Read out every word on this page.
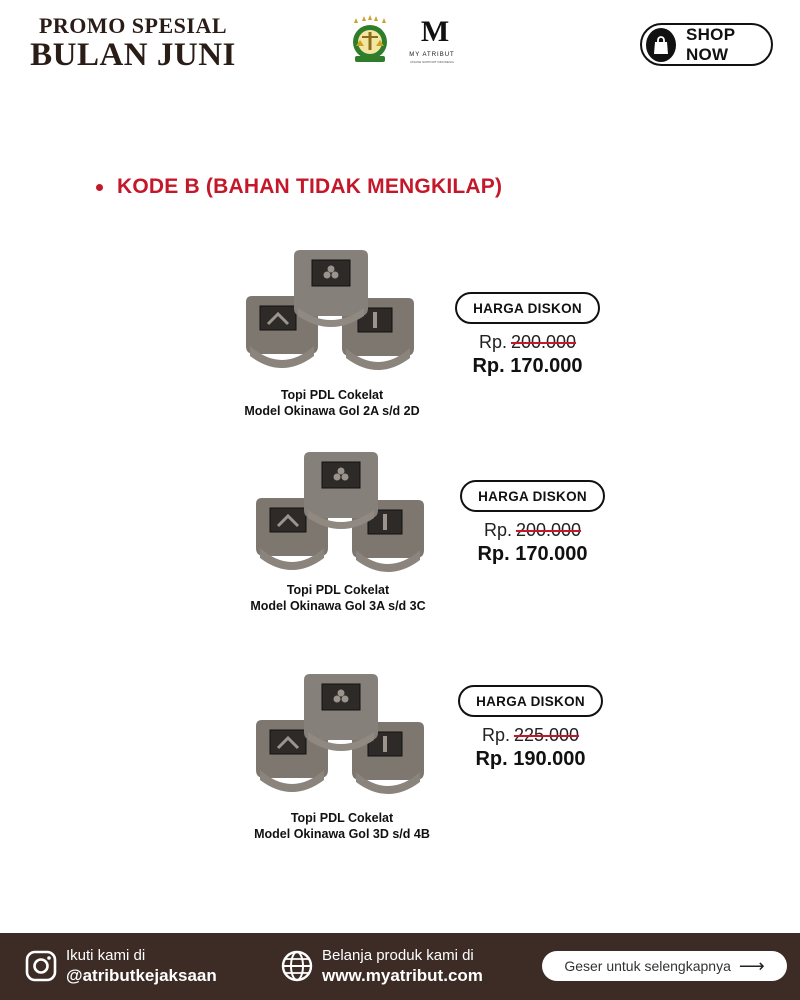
PROMO SPESIAL
BULAN JUNI
M
MY ATRIBUT
ONLINE SUPPORT INDONESIA
SHOP NOW
KODE B (BAHAN TIDAK MENGKILAP)
Topi PDL Cokelat
Model Okinawa Gol 2A s/d 2D
HARGA DISKON
Rp. 200.000
Rp. 170.000
Topi PDL Cokelat
Model Okinawa Gol 3A s/d 3C
HARGA DISKON
Rp. 200.000
Rp. 170.000
Topi PDL Cokelat
Model Okinawa Gol 3D s/d 4B
HARGA DISKON
Rp. 225.000
Rp. 190.000
Ikuti kami di
@atributkejaksaan
Belanja produk kami di
www.myatribut.com	Geser untuk selengkapnya ⟶
